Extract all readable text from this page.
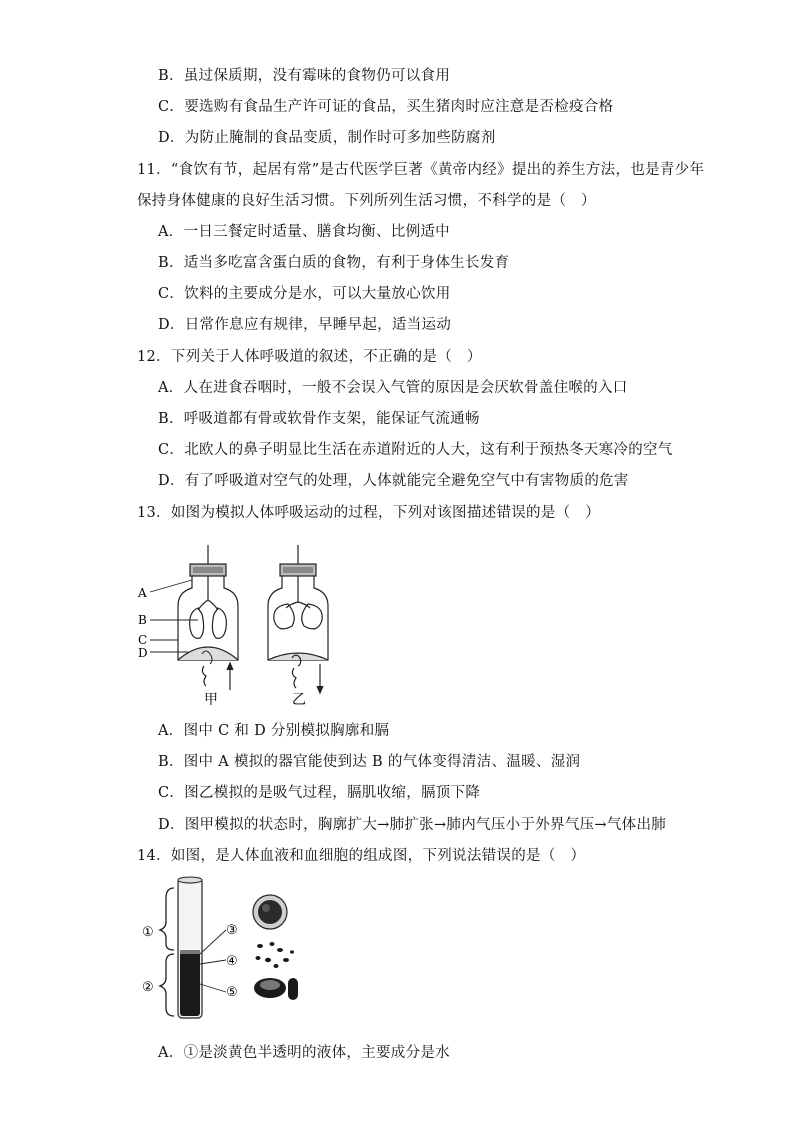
B．虽过保质期，没有霉味的食物仍可以食用
C．要选购有食品生产许可证的食品，买生猪肉时应注意是否检疫合格
D．为防止腌制的食品变质，制作时可多加些防腐剂
11．“食饮有节，起居有常”是古代医学巨著《黄帝内经》提出的养生方法，也是青少年
保持身体健康的良好生活习惯。下列所列生活习惯，不科学的是（　）
A．一日三餐定时适量、膳食均衡、比例适中
B．适当多吃富含蛋白质的食物，有利于身体生长发育
C．饮料的主要成分是水，可以大量放心饮用
D．日常作息应有规律，早睡早起，适当运动
12．下列关于人体呼吸道的叙述，不正确的是（　）
A．人在进食吞咽时，一般不会误入气管的原因是会厌软骨盖住喉的入口
B．呼吸道都有骨或软骨作支架，能保证气流通畅
C．北欧人的鼻子明显比生活在赤道附近的人大，这有利于预热冬天寒冷的空气
D．有了呼吸道对空气的处理，人体就能完全避免空气中有害物质的危害
13．如图为模拟人体呼吸运动的过程，下列对该图描述错误的是（　）
A
B
C
D
甲	乙
A．图中 C 和 D 分别模拟胸廓和膈
B．图中 A 模拟的器官能使到达 B 的气体变得清洁、温暖、湿润
C．图乙模拟的是吸气过程，膈肌收缩，膈顶下降
D．图甲模拟的状态时，胸廓扩大→肺扩张→肺内气压小于外界气压→气体出肺
14．如图，是人体血液和血细胞的组成图，下列说法错误的是（　）
①
②
③
④
⑤
A．①是淡黄色半透明的液体，主要成分是水
